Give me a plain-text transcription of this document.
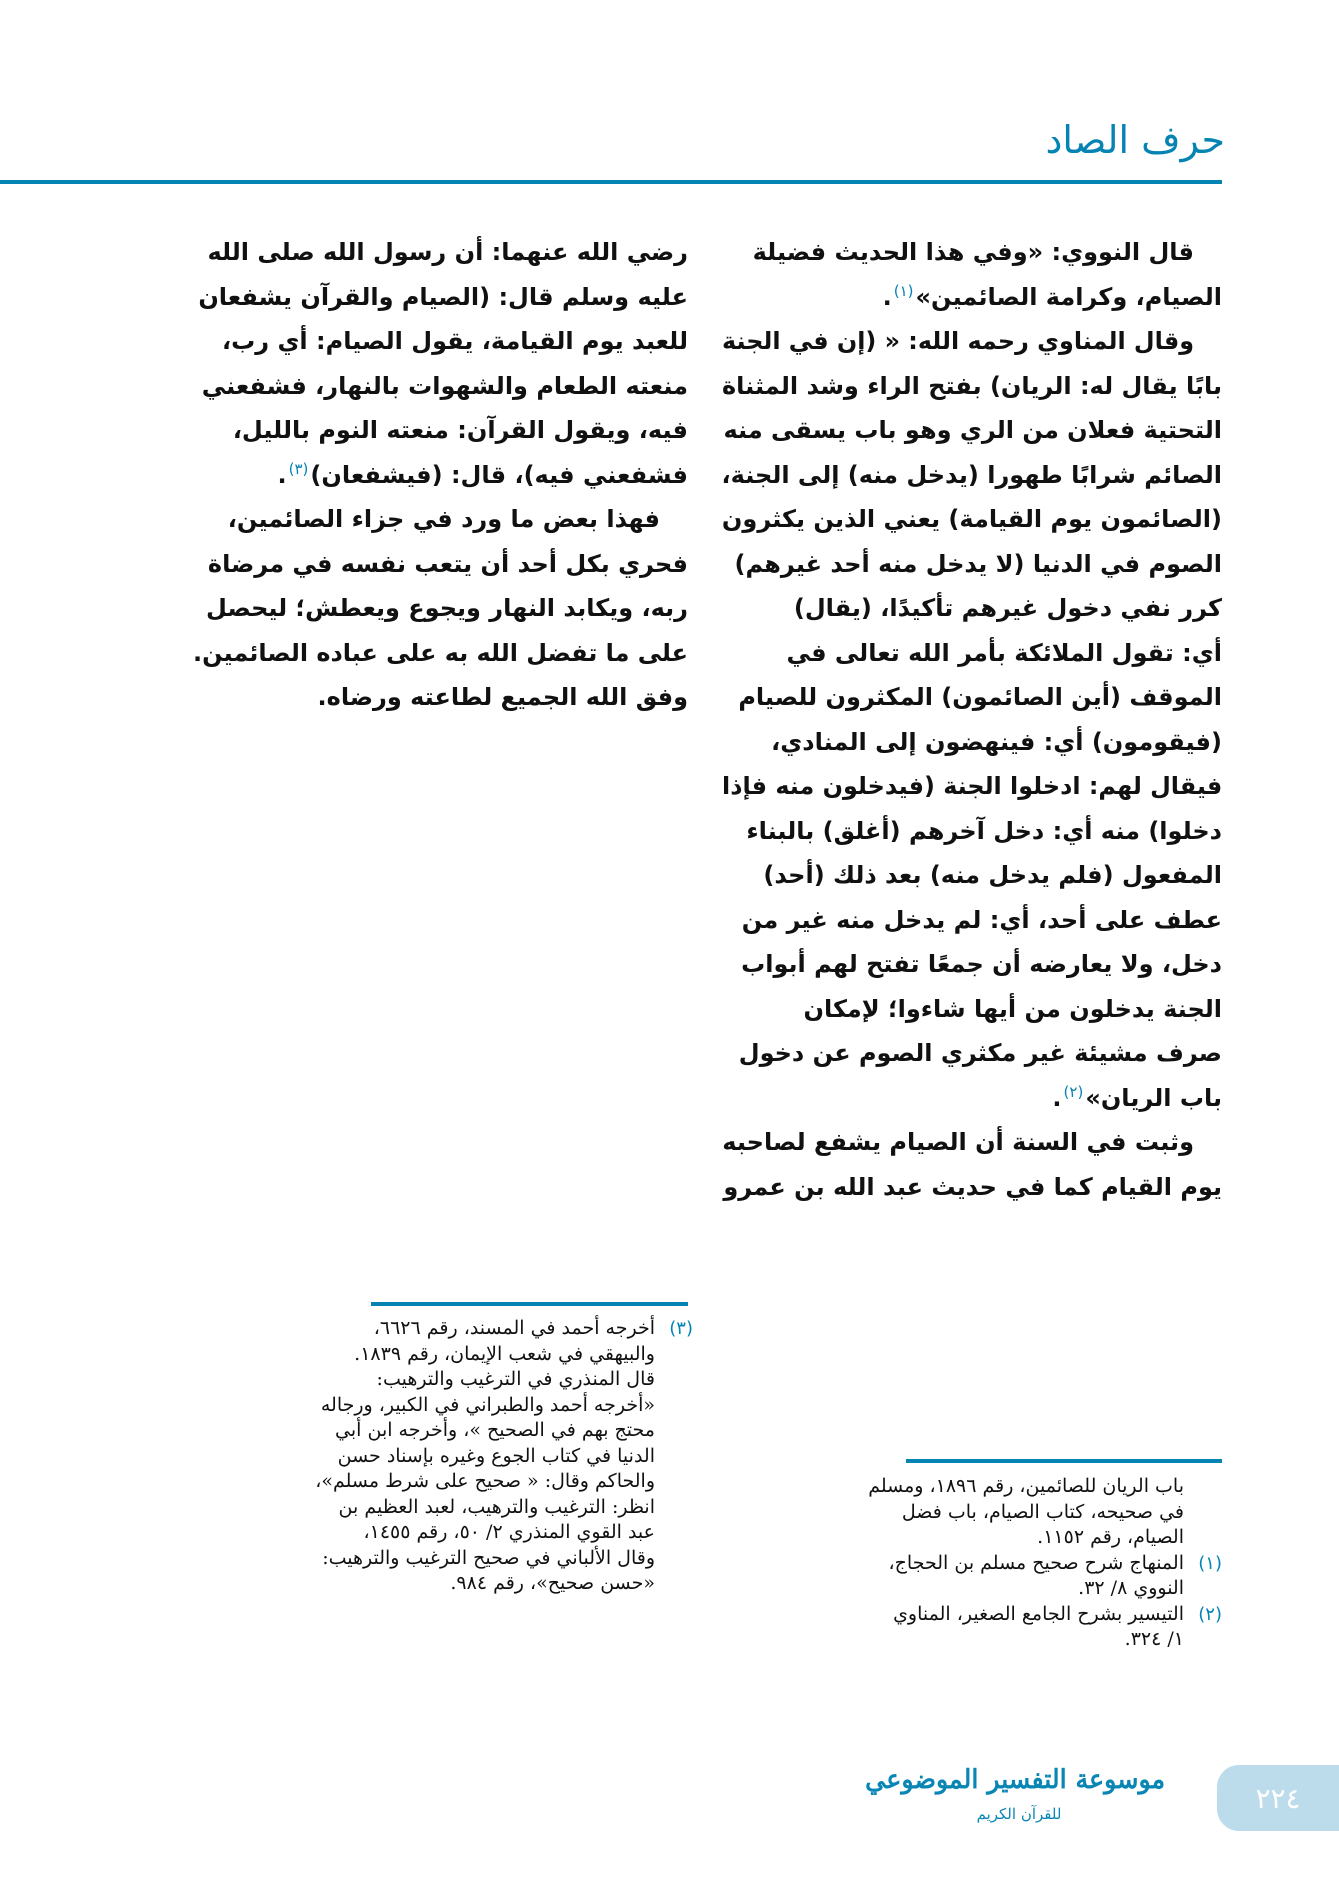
حرف الصاد

قال النووي: «وفي هذا الحديث فضيلة
الصيام، وكرامة الصائمين»$^{(١)}$.

وقال المناوي رحمه الله: « (إن في الجنة
بابًا يقال له: الريان) بفتح الراء وشد المثناة
التحتية فعلان من الري وهو باب يسقى منه
الصائم شرابًا طهورا (يدخل منه) إلى الجنة،
(الصائمون يوم القيامة) يعني الذين يكثرون
الصوم في الدنيا (لا يدخل منه أحد غيرهم)
كرر نفي دخول غيرهم تأكيدًا، (يقال)
أي: تقول الملائكة بأمر الله تعالى في
الموقف (أين الصائمون) المكثرون للصيام
(فيقومون) أي: فينهضون إلى المنادي،
فيقال لهم: ادخلوا الجنة (فيدخلون منه فإذا
دخلوا) منه أي: دخل آخرهم (أغلق) بالبناء
المفعول (فلم يدخل منه) بعد ذلك (أحد)
عطف على أحد، أي: لم يدخل منه غير من
دخل، ولا يعارضه أن جمعًا تفتح لهم أبواب
الجنة يدخلون من أيها شاءوا؛ لإمكان
صرف مشيئة غير مكثري الصوم عن دخول
باب الريان»$^{(٢)}$.

وثبت في السنة أن الصيام يشفع لصاحبه
يوم القيام كما في حديث عبد الله بن عمرو

رضي الله عنهما: أن رسول الله صلى الله
عليه وسلم قال: (الصيام والقرآن يشفعان
للعبد يوم القيامة، يقول الصيام: أي رب،
منعته الطعام والشهوات بالنهار، فشفعني
فيه، ويقول القرآن: منعته النوم بالليل،
فشفعني فيه)، قال: (فيشفعان)$^{(٣)}$.

فهذا بعض ما ورد في جزاء الصائمين،
فحري بكل أحد أن يتعب نفسه في مرضاة
ربه، ويكابد النهار ويجوع ويعطش؛ ليحصل
على ما تفضل الله به على عباده الصائمين.
وفق الله الجميع لطاعته ورضاه.

باب الريان للصائمين، رقم ١٨٩٦، ومسلم
في صحيحه، كتاب الصيام، باب فضل
الصيام، رقم ١١٥٢.
(١)
المنهاج شرح صحيح مسلم بن الحجاج،
النووي ٨/ ٣٢.
(٢)
التيسير بشرح الجامع الصغير، المناوي
١/ ٣٢٤.
(٣)
أخرجه أحمد في المسند، رقم ٦٦٢٦،
والبيهقي في شعب الإيمان، رقم ١٨٣٩.
قال المنذري في الترغيب والترهيب:
«أخرجه أحمد والطبراني في الكبير، ورجاله
محتج بهم في الصحيح »، وأخرجه ابن أبي
الدنيا في كتاب الجوع وغيره بإسناد حسن
والحاكم وقال: « صحيح على شرط مسلم»،
انظر: الترغيب والترهيب، لعبد العظيم بن
عبد القوي المنذري ٢/ ٥٠، رقم ١٤٥٥،
وقال الألباني في صحيح الترغيب والترهيب:
«حسن صحيح»، رقم ٩٨٤.
موسوعة التفسير الموضوعي
للقرآن الكريم	٢٢٤
